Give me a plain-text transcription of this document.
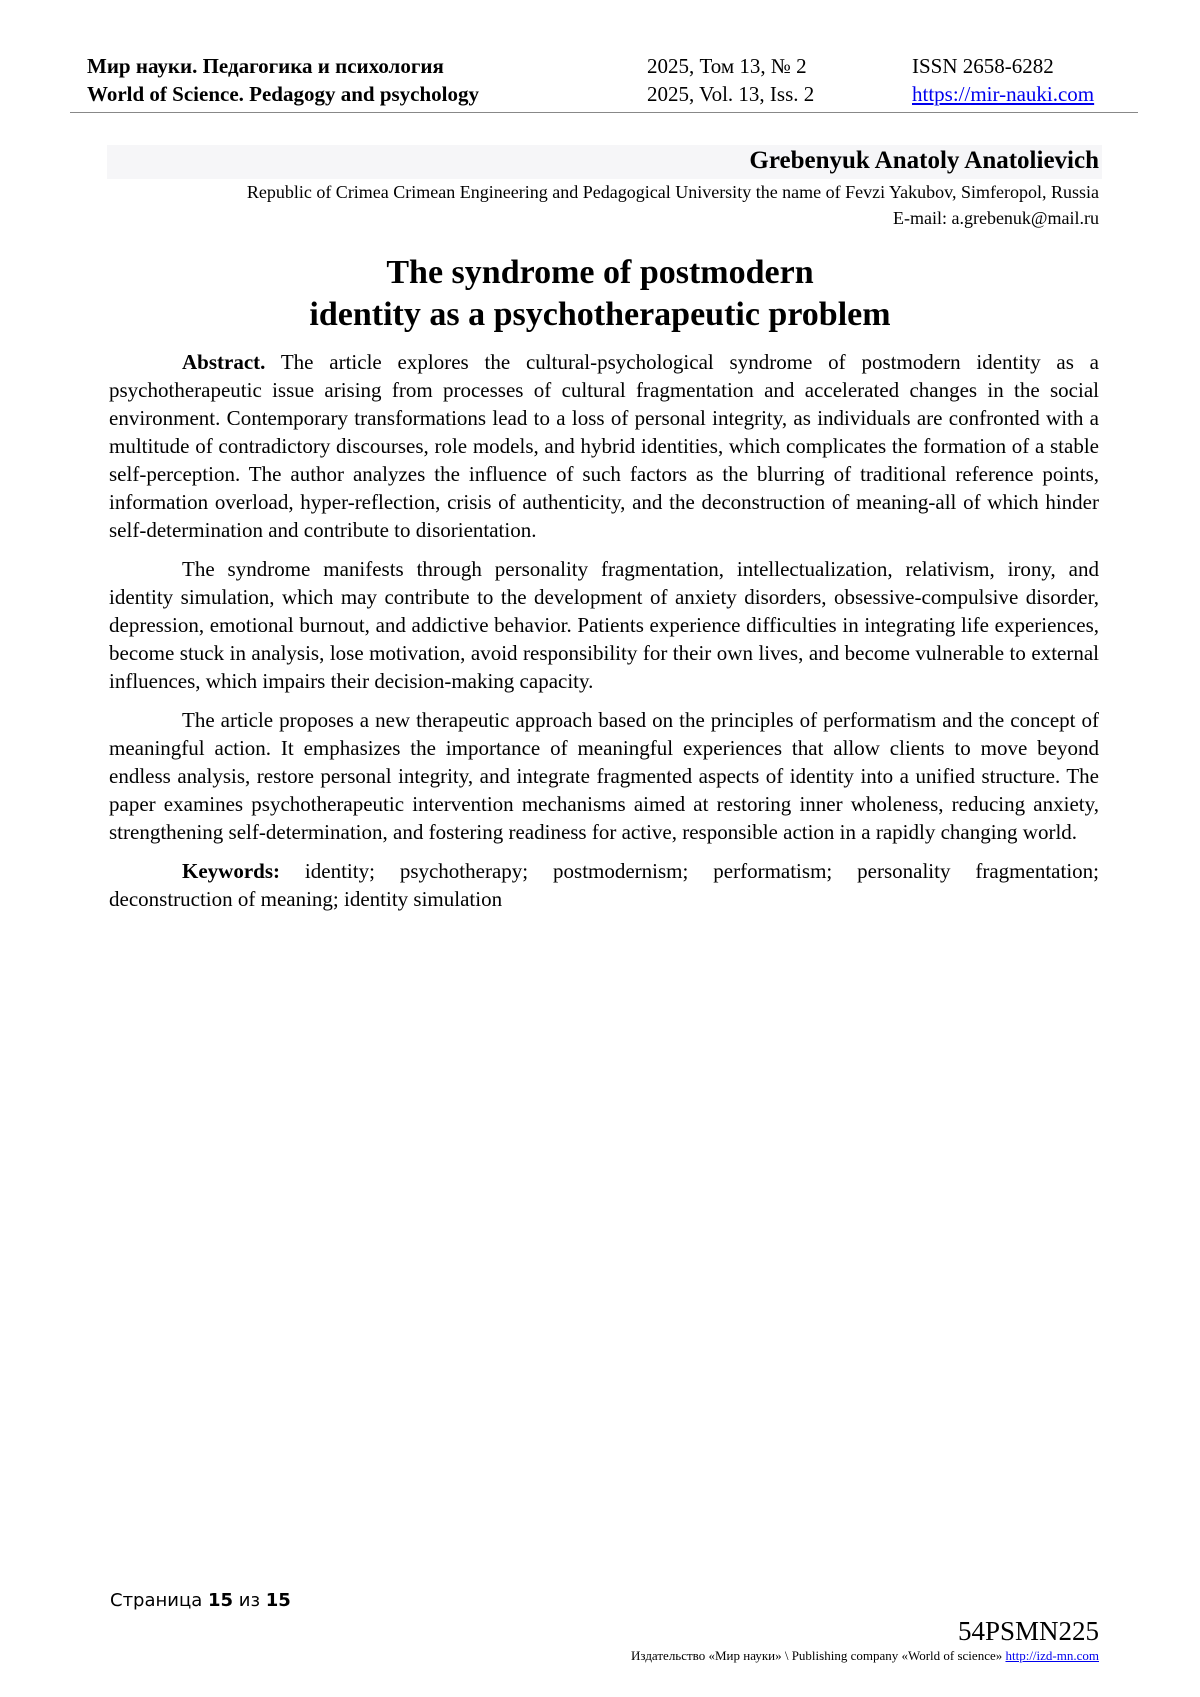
Мир науки. Педагогика и психология
World of Science. Pedagogy and psychology
2025, Том 13, № 2
2025, Vol. 13, Iss. 2
ISSN 2658-6282
https://mir-nauki.com
Grebenyuk Anatoly Anatolievich
Republic of Crimea Crimean Engineering and Pedagogical University the name of Fevzi Yakubov, Simferopol, Russia
E-mail: a.grebenuk@mail.ru
The syndrome of postmodern
identity as a psychotherapeutic problem

Abstract. The article explores the cultural-psychological syndrome of postmodern identity as a psychotherapeutic issue arising from processes of cultural fragmentation and accelerated changes in the social environment. Contemporary transformations lead to a loss of personal integrity, as individuals are confronted with a multitude of contradictory discourses, role models, and hybrid identities, which complicates the formation of a stable self-perception. The author analyzes the influence of such factors as the blurring of traditional reference points, information overload, hyper-reflection, crisis of authenticity, and the deconstruction of meaning-all of which hinder self-determination and contribute to disorientation.

The syndrome manifests through personality fragmentation, intellectualization, relativism, irony, and identity simulation, which may contribute to the development of anxiety disorders, obsessive-compulsive disorder, depression, emotional burnout, and addictive behavior. Patients experience difficulties in integrating life experiences, become stuck in analysis, lose motivation, avoid responsibility for their own lives, and become vulnerable to external influences, which impairs their decision-making capacity.

The article proposes a new therapeutic approach based on the principles of performatism and the concept of meaningful action. It emphasizes the importance of meaningful experiences that allow clients to move beyond endless analysis, restore personal integrity, and integrate fragmented aspects of identity into a unified structure. The paper examines psychotherapeutic intervention mechanisms aimed at restoring inner wholeness, reducing anxiety, strengthening self-determination, and fostering readiness for active, responsible action in a rapidly changing world.

Keywords: identity; psychotherapy; postmodernism; performatism; personality fragmentation; deconstruction of meaning; identity simulation

Страница 15 из 15
54PSMN225
Издательство «Мир науки» \ Publishing company «World of science» http://izd-mn.com
